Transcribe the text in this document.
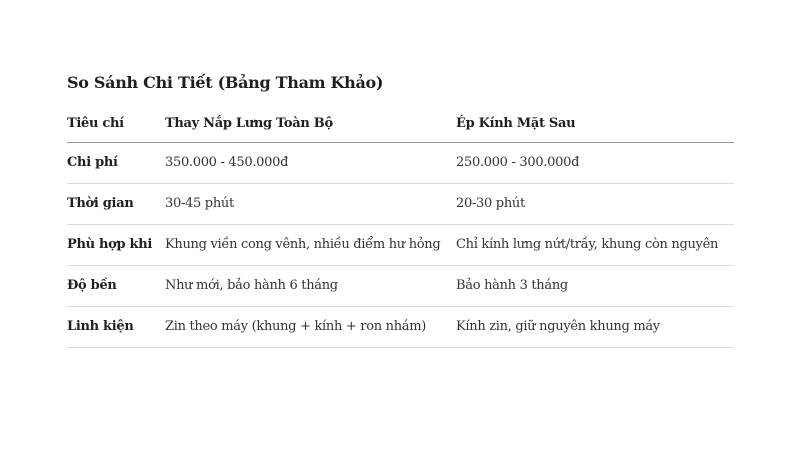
So Sánh Chi Tiết (Bảng Tham Khảo)
Tiêu chí	Thay Nắp Lưng Toàn Bộ	Ép Kính Mặt Sau
Chi phí	350.000 - 450.000đ	250.000 - 300.000đ
Thời gian	30-45 phút	20-30 phút
Phù hợp khi	Khung viền cong vênh, nhiều điểm hư hỏng	Chỉ kính lưng nứt/trầy, khung còn nguyên
Độ bền	Như mới, bảo hành 6 tháng	Bảo hành 3 tháng
Linh kiện	Zin theo máy (khung + kính + ron nhám)	Kính zin, giữ nguyên khung máy
